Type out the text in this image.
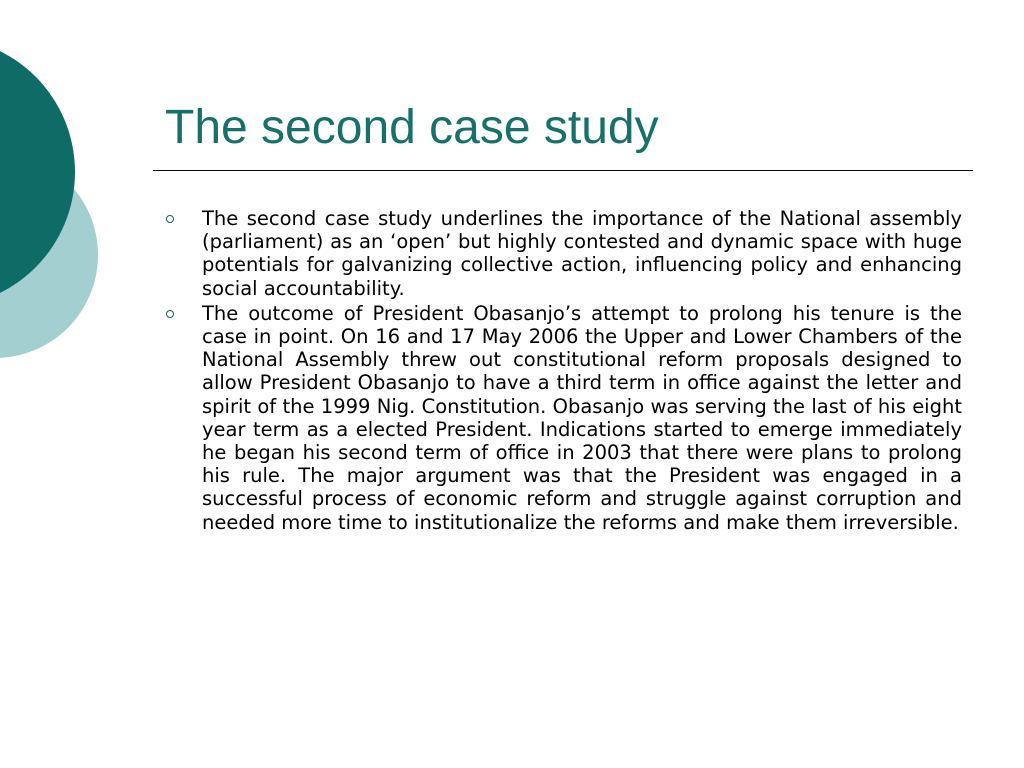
The second case study
The second case study underlines the importance of the National assembly (parliament) as an ‘open’ but highly contested and dynamic space with huge potentials for galvanizing collective action, influencing policy and enhancing social accountability.
The outcome of President Obasanjo’s attempt to prolong his tenure is the case in point. On 16 and 17 May 2006 the Upper and Lower Chambers of the National Assembly threw out constitutional reform proposals designed to allow President Obasanjo to have a third term in office against the letter and spirit of the 1999 Nig. Constitution. Obasanjo was serving the last of his eight year term as a elected President. Indications started to emerge immediately he began his second term of office in 2003 that there were plans to prolong his rule. The major argument was that the President was engaged in a successful process of economic reform and struggle against corruption and needed more time to institutionalize the reforms and make them irreversible.
